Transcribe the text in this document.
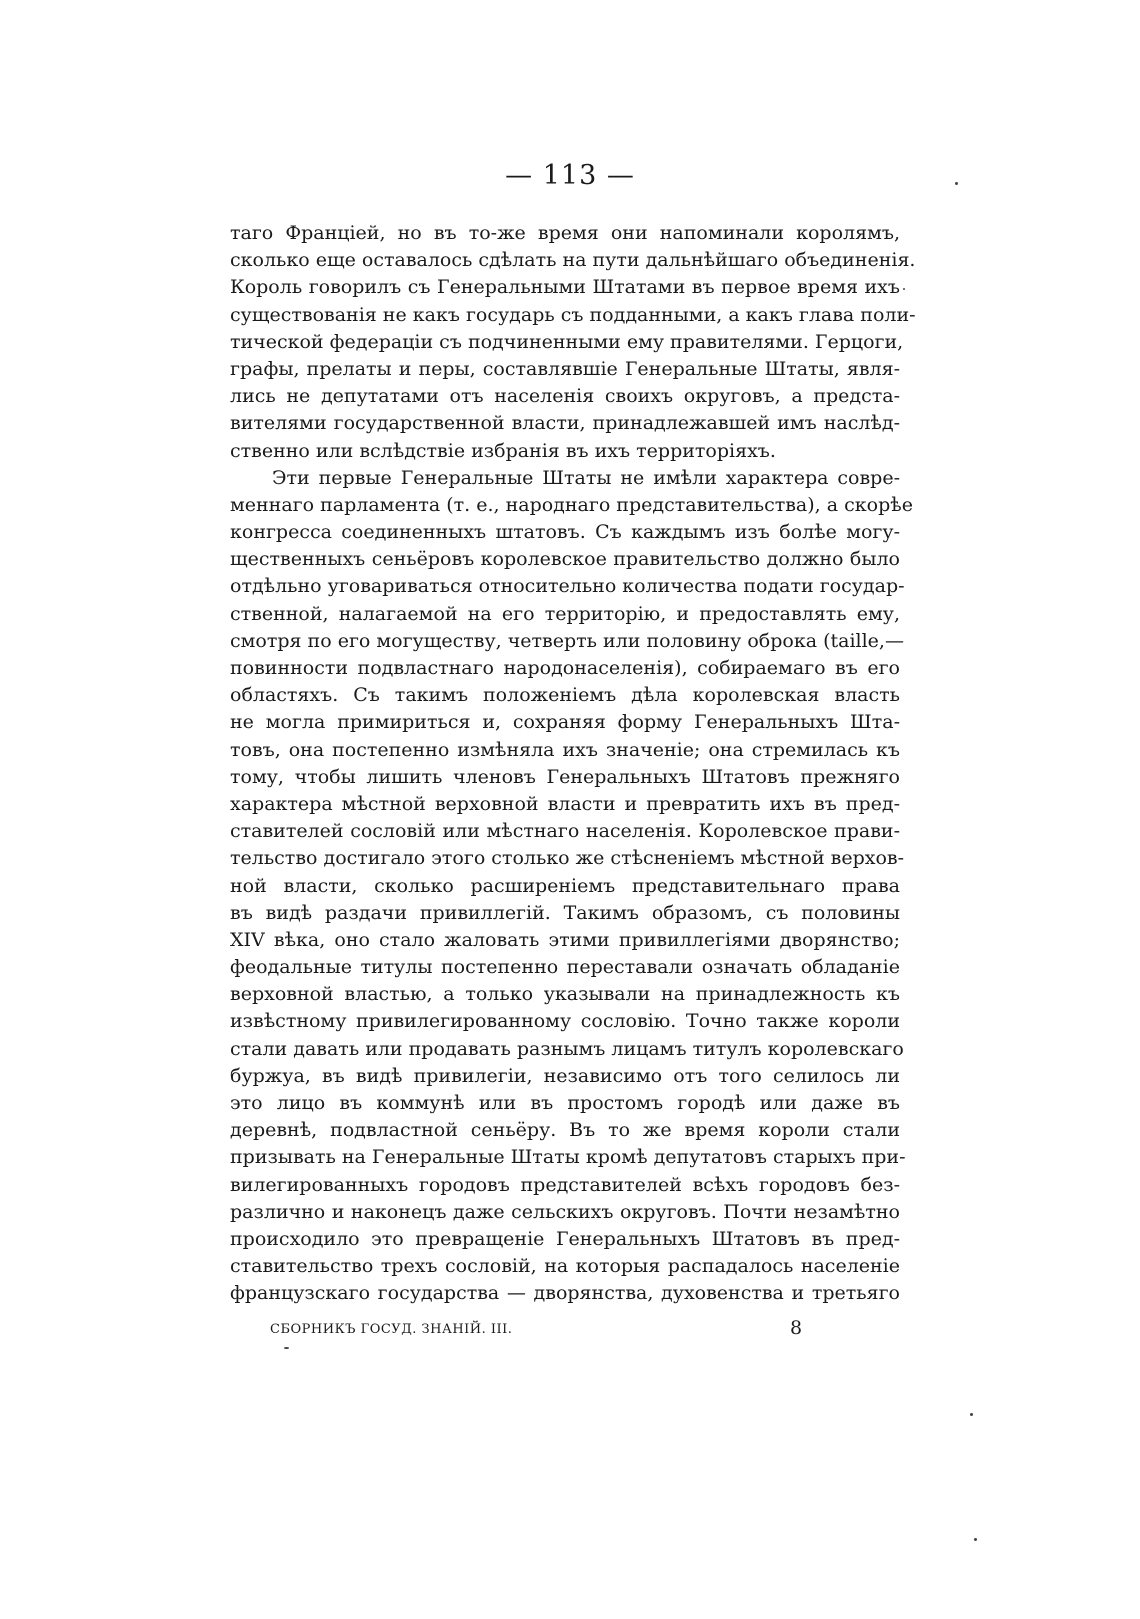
— 113 —
таго Франціей, но въ то-же время они напоминали королямъ,
сколько еще оставалось сдѣлать на пути дальнѣйшаго объединенія.
Король говорилъ съ Генеральными Штатами въ первое время ихъ
существованія не какъ государь съ подданными, а какъ глава поли-
тической федераціи съ подчиненными ему правителями. Герцоги,
графы, прелаты и перы, составлявшіе Генеральные Штаты, явля-
лись не депутатами отъ населенія своихъ округовъ, а предста-
вителями государственной власти, принадлежавшей имъ наслѣд-
ственно или вслѣдствіе избранія въ ихъ территоріяхъ.
Эти первые Генеральные Штаты не имѣли характера совре-
меннаго парламента (т. е., народнаго представительства), а скорѣе
конгресса соединенныхъ штатовъ. Съ каждымъ изъ болѣе могу-
щественныхъ сеньёровъ королевское правительство должно было
отдѣльно уговариваться относительно количества подати государ-
ственной, налагаемой на его территорію, и предоставлять ему,
смотря по его могуществу, четверть или половину оброка (taille,—
повинности подвластнаго народонаселенія), собираемаго въ его
областяхъ. Съ такимъ положеніемъ дѣла королевская власть
не могла примириться и, сохраняя форму Генеральныхъ Шта-
товъ, она постепенно измѣняла ихъ значеніе; она стремилась къ
тому, чтобы лишить членовъ Генеральныхъ Штатовъ прежняго
характера мѣстной верховной власти и превратить ихъ въ пред-
ставителей сословій или мѣстнаго населенія. Королевское прави-
тельство достигало этого столько же стѣсненіемъ мѣстной верхов-
ной власти, сколько расширеніемъ представительнаго права
въ видѣ раздачи привиллегій. Такимъ образомъ, съ половины
XIV вѣка, оно стало жаловать этими привиллегіями дворянство;
феодальные титулы постепенно переставали означать обладаніе
верховной властью, а только указывали на принадлежность къ
извѣстному привилегированному сословію. Точно также короли
стали давать или продавать разнымъ лицамъ титулъ королевскаго
буржуа, въ видѣ привилегіи, независимо отъ того селилось ли
это лицо въ коммунѣ или въ простомъ городѣ или даже въ
деревнѣ, подвластной сеньёру. Въ то же время короли стали
призывать на Генеральные Штаты кромѣ депутатовъ старыхъ при-
вилегированныхъ городовъ представителей всѣхъ городовъ без-
различно и наконецъ даже сельскихъ округовъ. Почти незамѣтно
происходило это превращеніе Генеральныхъ Штатовъ въ пред-
ставительство трехъ сословій, на которыя распадалось населеніе
французскаго государства — дворянства, духовенства и третьяго
СБОРНИКЪ ГОСУД. ЗНАНІЙ. III.	8
